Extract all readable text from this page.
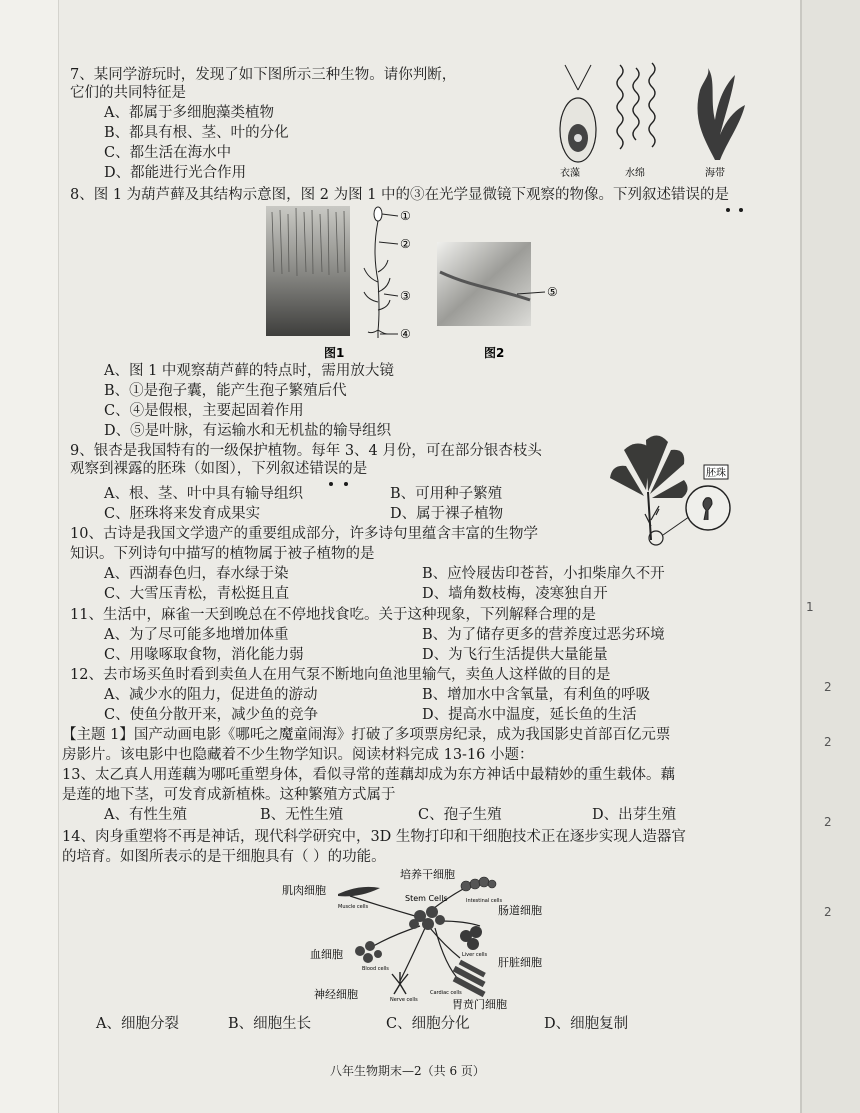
1
2
2
2
2
7、某同学游玩时，发现了如下图所示三种生物。请你判断，
它们的共同特征是
A、都属于多细胞藻类植物
B、都具有根、茎、叶的分化
C、都生活在海水中
D、都能进行光合作用	衣藻	水绵	海带
8、图 1 为葫芦藓及其结构示意图，图 2 为图 1 中的③在光学显微镜下观察的物像。下列叙述错误的是
①
②
③
④
⑤
图1	图2
A、图 1 中观察葫芦藓的特点时，需用放大镜
B、①是孢子囊，能产生孢子繁殖后代
C、④是假根，主要起固着作用
D、⑤是叶脉，有运输水和无机盐的输导组织
9、银杏是我国特有的一级保护植物。每年 3、4 月份，可在部分银杏枝头
观察到裸露的胚珠（如图），下列叙述错误的是
A、根、茎、叶中具有输导组织	B、可用种子繁殖
C、胚珠将来发育成果实	D、属于裸子植物
胚珠
10、古诗是我国文学遗产的重要组成部分，许多诗句里蕴含丰富的生物学
知识。下列诗句中描写的植物属于被子植物的是
A、西湖春色归，春水绿于染	B、应怜屐齿印苍苔，小扣柴扉久不开
C、大雪压青松，青松挺且直	D、墙角数枝梅，凌寒独自开
11、生活中，麻雀一天到晚总在不停地找食吃。关于这种现象，下列解释合理的是
A、为了尽可能多地增加体重	B、为了储存更多的营养度过恶劣环境
C、用喙啄取食物，消化能力弱	D、为飞行生活提供大量能量
12、去市场买鱼时看到卖鱼人在用气泵不断地向鱼池里输气，卖鱼人这样做的目的是
A、减少水的阻力，促进鱼的游动	B、增加水中含氧量，有利鱼的呼吸
C、使鱼分散开来，减少鱼的竞争	D、提高水中温度，延长鱼的生活
【主题 1】国产动画电影《哪吒之魔童闹海》打破了多项票房纪录，成为我国影史首部百亿元票
房影片。该电影中也隐藏着不少生物学知识。阅读材料完成 13-16 小题：
13、太乙真人用莲藕为哪吒重塑身体，看似寻常的莲藕却成为东方神话中最精妙的重生载体。藕
是莲的地下茎，可发育成新植株。这种繁殖方式属于
A、有性生殖	B、无性生殖	C、孢子生殖	D、出芽生殖
14、肉身重塑将不再是神话，现代科学研究中，3D 生物打印和干细胞技术正在逐步实现人造器官
的培育。如图所表示的是干细胞具有（ ）的功能。
培养干细胞
Stem Cells
肌肉细胞
Muscle cells
Intestinal cells
肠道细胞
Blood cells
血细胞	Liver cells
肝脏细胞
神经细胞	Nerve cells
Cardiac cells
胃贲门细胞
A、细胞分裂	B、细胞生长	C、细胞分化	D、细胞复制
八年生物期末—2（共 6 页）
